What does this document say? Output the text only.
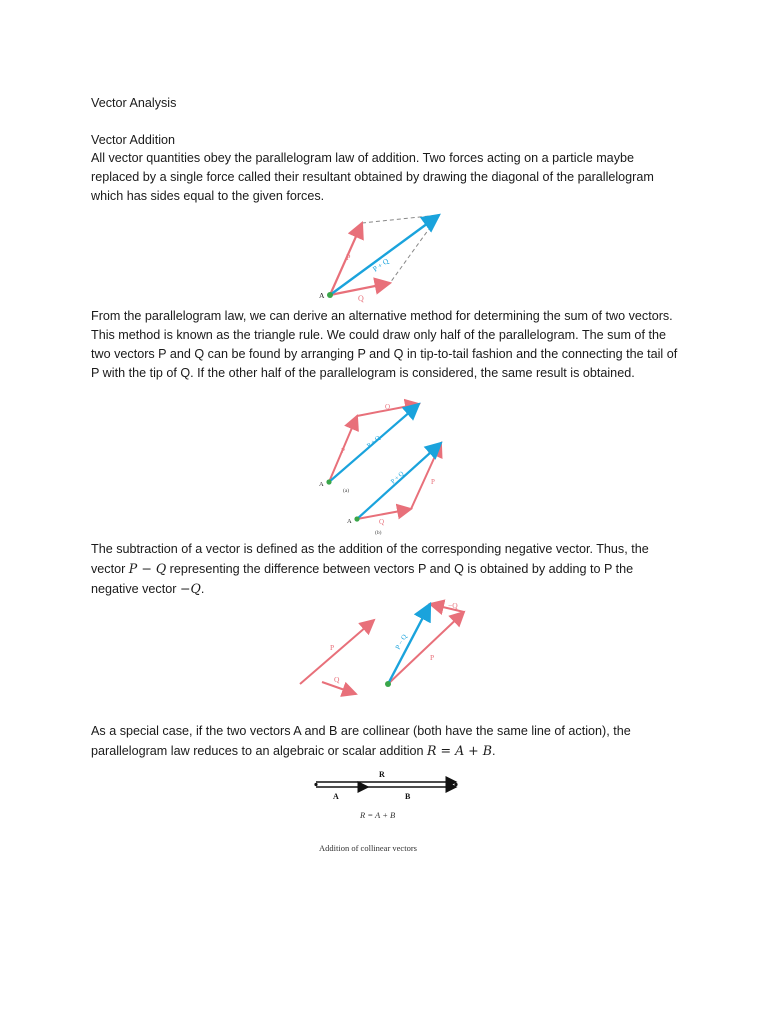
Vector Analysis

Vector Addition

All vector quantities obey the parallelogram law of addition. Two forces acting on a particle maybe replaced by a single force called their resultant obtained by drawing the diagonal of the parallelogram which has sides equal to the given forces.

P
Q
P + Q
A

From the parallelogram law, we can derive an alternative method for determining the sum of two vectors. This method is known as the triangle rule. We could draw only half of the parallelogram. The sum of the two vectors P and Q can be found by arranging P and Q in tip-to-tail fashion and the connecting the tail of P with the tip of Q. If the other half of the parallelogram is considered, the same result is obtained.

P
Q
P + Q
A
(a)
P
Q
P + Q
A
(b)

The subtraction of a vector is defined as the addition of the corresponding negative vector. Thus, the vector P − Q representing the difference between vectors P and Q is obtained by adding to P the negative vector −Q.

P
Q
P − Q
−Q
P

As a special case, if the two vectors A and B are collinear (both have the same line of action), the parallelogram law reduces to an algebraic or scalar addition R = A + B.

R
A	B
R = A + B
Addition of collinear vectors
